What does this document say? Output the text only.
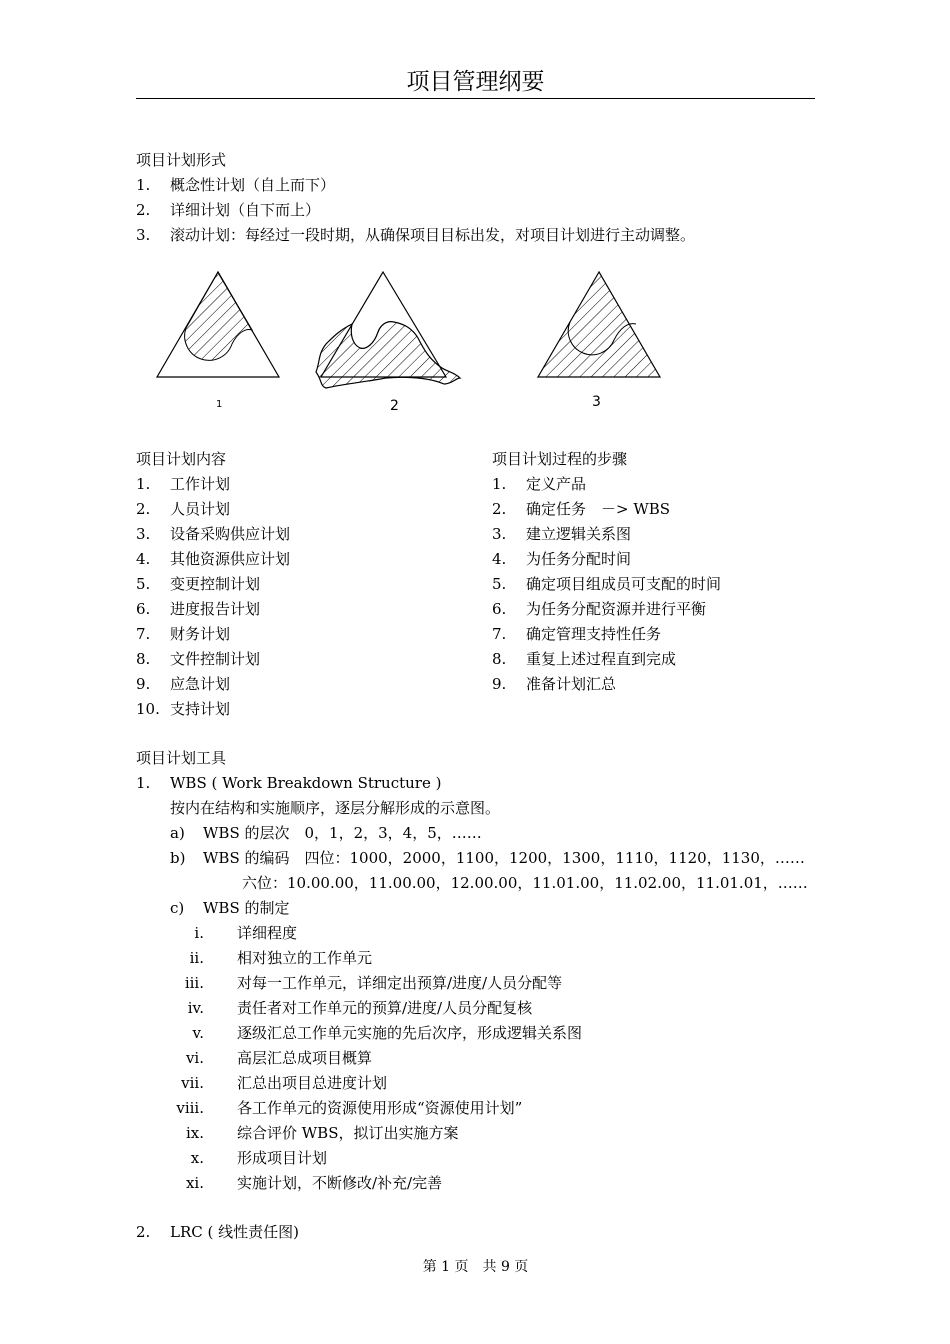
项目管理纲要
项目计划形式
1. 概念性计划（自上而下）
2. 详细计划（自下而上）
3. 滚动计划：每经过一段时期，从确保项目目标出发，对项目计划进行主动调整。
1	2	3
项目计划内容
1. 工作计划
2. 人员计划
3. 设备采购供应计划
4. 其他资源供应计划
5. 变更控制计划
6. 进度报告计划
7. 财务计划
8. 文件控制计划
9. 应急计划
10. 支持计划
项目计划过程的步骤
1. 定义产品
2. 确定任务　－> WBS
3. 建立逻辑关系图
4. 为任务分配时间
5. 确定项目组成员可支配的时间
6. 为任务分配资源并进行平衡
7. 确定管理支持性任务
8. 重复上述过程直到完成
9. 准备计划汇总
项目计划工具
1. WBS ( Work Breakdown Structure )
按内在结构和实施顺序，逐层分解形成的示意图。
a) WBS 的层次　0，1，2，3，4，5，……
b) WBS 的编码　四位：1000，2000，1100，1200，1300，1110，1120，1130，……
六位：10.00.00，11.00.00，12.00.00，11.01.00，11.02.00，11.01.01，……
c) WBS 的制定
i. 详细程度
ii. 相对独立的工作单元
iii. 对每一工作单元，详细定出预算/进度/人员分配等
iv. 责任者对工作单元的预算/进度/人员分配复核
v. 逐级汇总工作单元实施的先后次序，形成逻辑关系图
vi. 高层汇总成项目概算
vii. 汇总出项目总进度计划
viii. 各工作单元的资源使用形成“资源使用计划”
ix. 综合评价 WBS，拟订出实施方案
x. 形成项目计划
xi. 实施计划，不断修改/补充/完善
2. LRC ( 线性责任图)
第 1 页　共 9 页
